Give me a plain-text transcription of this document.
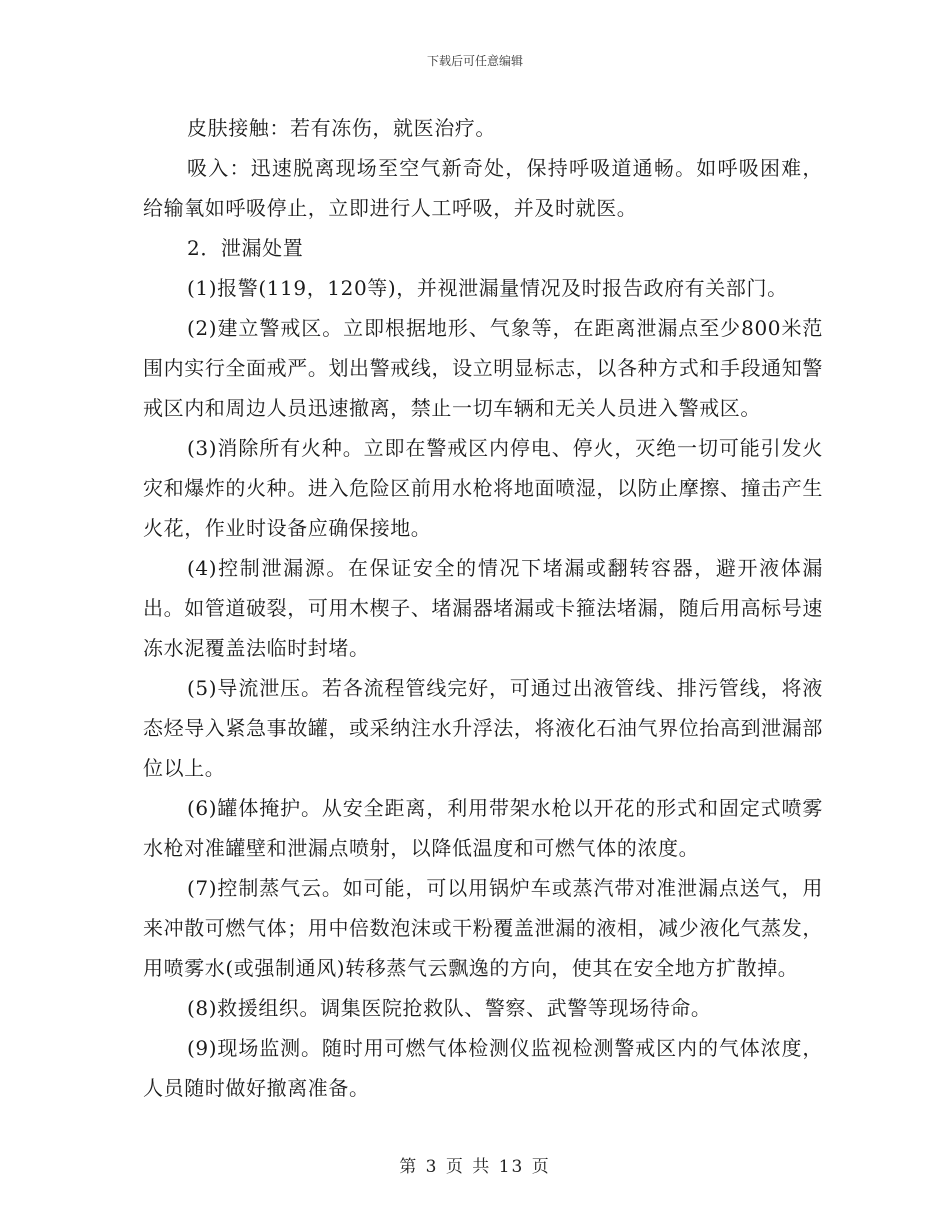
下载后可任意编辑

皮肤接触：若有冻伤，就医治疗。

吸入：迅速脱离现场至空气新奇处，保持呼吸道通畅。如呼吸困难，给输氧如呼吸停止，立即进行人工呼吸，并及时就医。

2．泄漏处置

(1)报警(119，120等)，并视泄漏量情况及时报告政府有关部门。

(2)建立警戒区。立即根据地形、气象等，在距离泄漏点至少800米范围内实行全面戒严。划出警戒线，设立明显标志，以各种方式和手段通知警戒区内和周边人员迅速撤离，禁止一切车辆和无关人员进入警戒区。

(3)消除所有火种。立即在警戒区内停电、停火，灭绝一切可能引发火灾和爆炸的火种。进入危险区前用水枪将地面喷湿，以防止摩擦、撞击产生火花，作业时设备应确保接地。

(4)控制泄漏源。在保证安全的情况下堵漏或翻转容器，避开液体漏出。如管道破裂，可用木楔子、堵漏器堵漏或卡箍法堵漏，随后用高标号速冻水泥覆盖法临时封堵。

(5)导流泄压。若各流程管线完好，可通过出液管线、排污管线，将液态烃导入紧急事故罐，或采纳注水升浮法，将液化石油气界位抬高到泄漏部位以上。

(6)罐体掩护。从安全距离，利用带架水枪以开花的形式和固定式喷雾水枪对准罐壁和泄漏点喷射，以降低温度和可燃气体的浓度。

(7)控制蒸气云。如可能，可以用锅炉车或蒸汽带对准泄漏点送气，用来冲散可燃气体；用中倍数泡沫或干粉覆盖泄漏的液相，减少液化气蒸发，用喷雾水(或强制通风)转移蒸气云飘逸的方向，使其在安全地方扩散掉。

(8)救援组织。调集医院抢救队、警察、武警等现场待命。

(9)现场监测。随时用可燃气体检测仪监视检测警戒区内的气体浓度，人员随时做好撤离准备。

第 3 页 共 13 页
